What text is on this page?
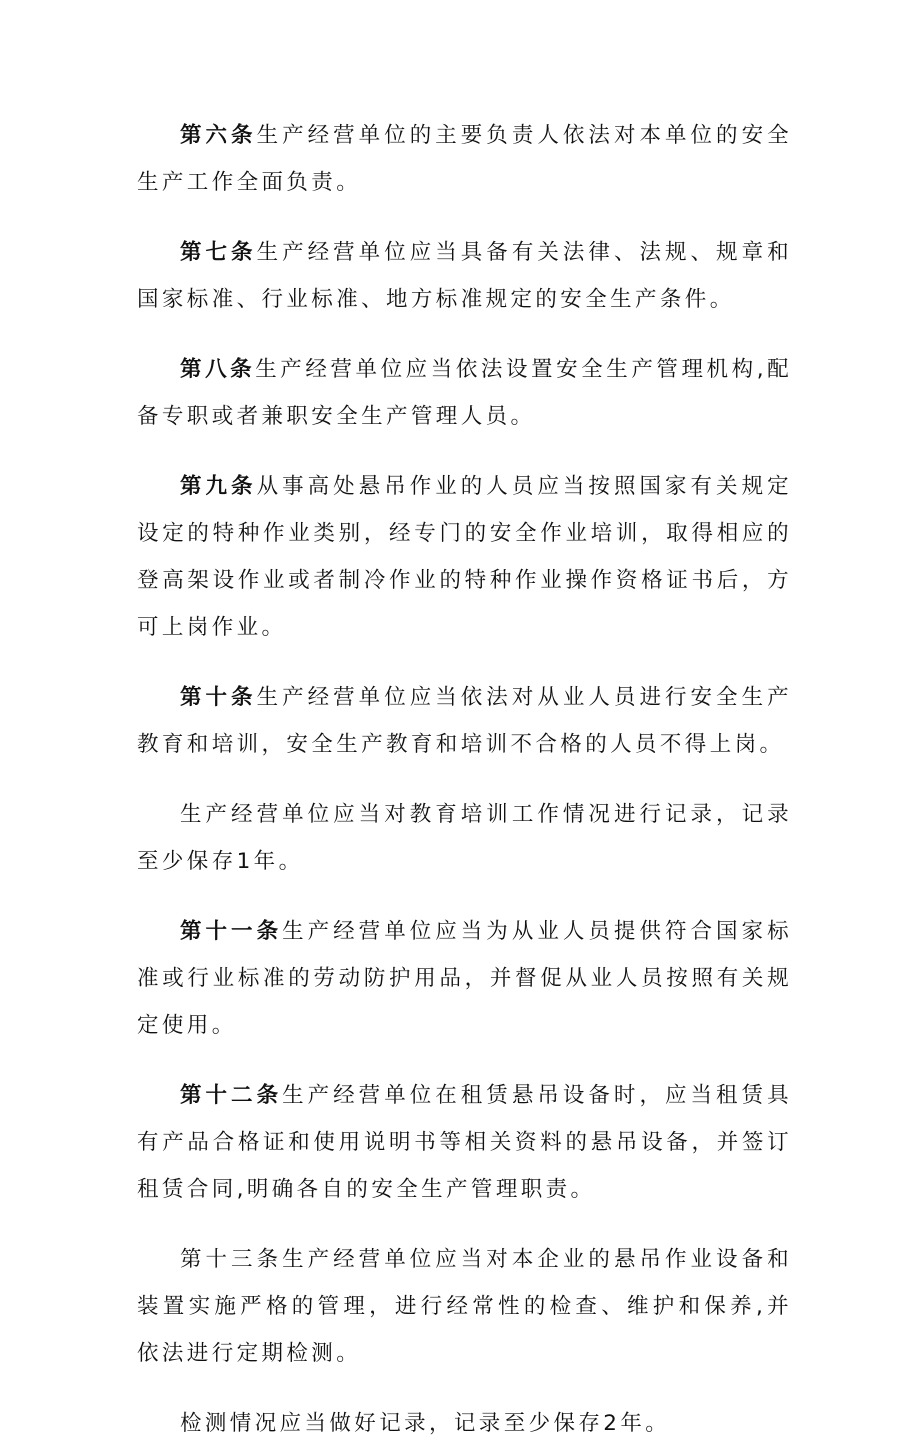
第六条生产经营单位的主要负责人依法对本单位的安全生产工作全面负责。

第七条生产经营单位应当具备有关法律、法规、规章和国家标准、行业标准、地方标准规定的安全生产条件。

第八条生产经营单位应当依法设置安全生产管理机构,配备专职或者兼职安全生产管理人员。

第九条从事高处悬吊作业的人员应当按照国家有关规定设定的特种作业类别，经专门的安全作业培训，取得相应的登高架设作业或者制冷作业的特种作业操作资格证书后，方可上岗作业。

第十条生产经营单位应当依法对从业人员进行安全生产教育和培训，安全生产教育和培训不合格的人员不得上岗。

生产经营单位应当对教育培训工作情况进行记录，记录至少保存1年。

第十一条生产经营单位应当为从业人员提供符合国家标准或行业标准的劳动防护用品，并督促从业人员按照有关规定使用。

第十二条生产经营单位在租赁悬吊设备时，应当租赁具有产品合格证和使用说明书等相关资料的悬吊设备，并签订租赁合同,明确各自的安全生产管理职责。

第十三条生产经营单位应当对本企业的悬吊作业设备和装置实施严格的管理，进行经常性的检查、维护和保养,并依法进行定期检测。

检测情况应当做好记录，记录至少保存2年。
